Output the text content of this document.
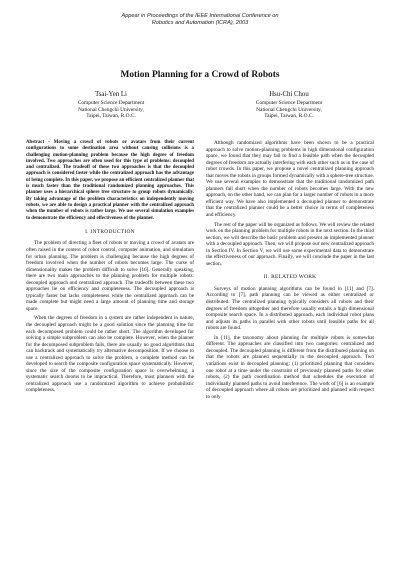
Appear in Proceedings of the IEEE International Conference on
Robotics and Automation (ICRA), 2003
Motion Planning for a Crowd of Robots
Tsai-Yen Li
Computer Science Department
National Chengchi University,
Taipei, Taiwan, R.O.C.
Hsu-Chi Chou
Computer Science Department
National Chengchi University,
Taipei, Taiwan, R.O.C.

Abstract - Moving a crowd of robots or avatars from their current configurations to some destination area without causing collisions is a challenging motion-planning problem because the high degree of freedom involved. Two approaches are often used for this type of problems: decoupled and centralized. The tradeoff of these two approaches is that the decoupled approach is considered faster while the centralized approach has the advantage of being complete. In this paper, we propose an efficient centralized planner that is much faster than the traditional randomized planning approaches. This planner uses a hierarchical sphere tree structure to group robots dynamically. By taking advantage of the problem characteristics on independently moving robots, we are able to design a practical planner with the centralized approach when the number of robots is rather large. We use several simulation examples to demonstrate the efficiency and effectiveness of the planner.

I. INTRODUCTION

The problem of directing a fleet of robots or moving a crowd of avatars are often raised in the context of robot control, computer animation, and simulation for urban planning. The problem is challenging because the high degrees of freedom involved when the number of robots becomes large. The curse of dimensionality makes the problem difficult to solve [16]. Generally speaking, there are two main approaches to the planning problem for multiple robots: decoupled approach and centralized approach. The tradeoffs between these two approaches lie on efficiency and completeness. The decoupled approach is typically faster but lacks completeness while the centralized approach can be made complete but might need a large amount of planning time and storage space.

When the degrees of freedom in a system are rather independent in nature, the decoupled approach might be a good solution since the planning time for each decomposed problem could be rather short. The algorithm developed for solving a simple subproblem can also be complete. However, when the planner for the decomposed subproblem fails, there are usually no good algorithms that can backtrack and systematically try alternative decomposition. If we choose to use a centralized approach to solve the problem, a complete method can be developed to search the composite configuration space systematically. However, since the size of the composite configuration space is overwhelming, a systematic search dooms to be impractical. Therefore, most planners with the centralized approach use a randomized algorithm to achieve probabilistic completeness.

Although randomized algorithms have been shown to be a practical approach to solve motion-planning problems in high dimensional configuration space, we found that they may fail to find a feasible path when the decoupled degrees of freedom are actually interfering with each other such as in the case of robot crowds. In this paper, we propose a novel centralized planning approach that moves the robots in groups formed dynamically with a sphere-tree structure. We use several examples to demonstrate that the traditional randomized path planners fall short when the number of robots becomes large. With the new approach, on the other hand, we can plan for a larger number of robots in a more efficient way. We have also implemented a decoupled planner to demonstrate that the centralized planner could be a better choice in terms of completeness and efficiency.

The rest of the paper will be organized as follows. We will review the related work on the planning problem for multiple robots in the next section. In the third section, we will describe the basic problem and present an implemented planner with a decoupled approach. Then, we will propose our new centralized approach in Section IV. In Section V, we will use some experimental data to demonstrate the effectiveness of our approach. Finally, we will conclude the paper in the last section.

II. RELATED WORK

Surveys of motion planning algorithms can be found in [11] and [7]. According to [7], path planning can be viewed as either centralized or distributed. The centralized planning typically considers all robots and their degrees of freedom altogether and therefore usually entails a high dimensional composite search space. In a distributed approach, each individual robot plans and adjusts its paths in parallel with other robots until feasible paths for all robots are found.

In [11], the taxonomy about planning for multiple robots is somewhat different. The approaches are classified into two categories: centralized and decoupled. The decoupled planning is different from the distributed planning on that the robots are planned sequentially in the decoupled approach. Two variations exist in decoupled planning: (1) prioritized planning that considers one robot at a time under the constraint of previously planned paths for other robots, (2) the path coordination method that schedules the execution of individually planned paths to avoid interference. The work of [6] is an example of decoupled approach where all robots are prioritized and planned with respect to only
